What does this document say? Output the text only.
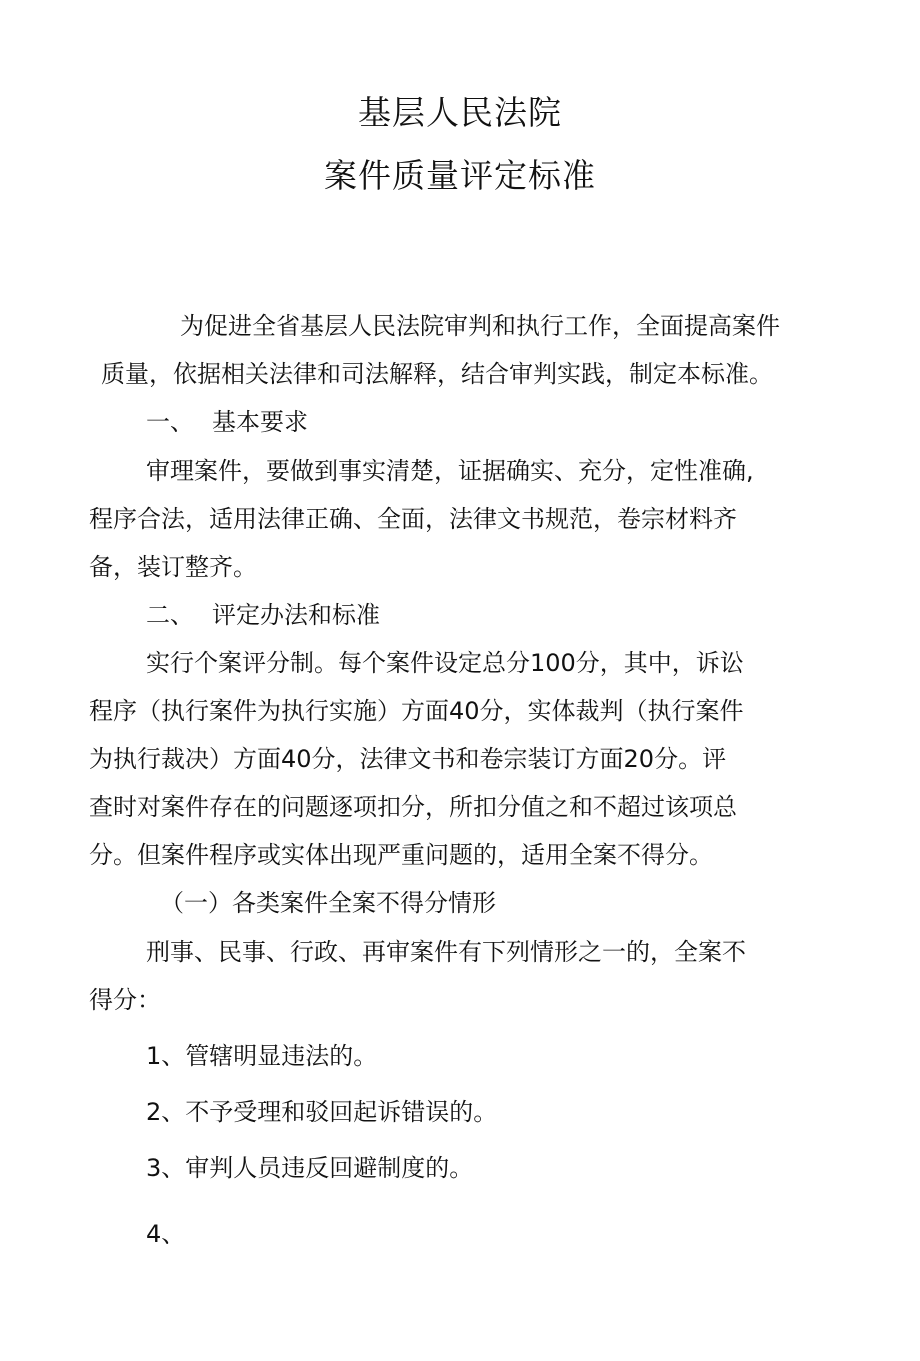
基层人民法院
案件质量评定标准
为促进全省基层人民法院审判和执行工作，全面提高案件
质量，依据相关法律和司法解释，结合审判实践，制定本标准。
一、 基本要求
审理案件，要做到事实清楚，证据确实、充分，定性准确,
程序合法，适用法律正确、全面，法律文书规范，卷宗材料齐
备，装订整齐。
二、 评定办法和标准
实行个案评分制。每个案件设定总分100分，其中，诉讼
程序（执行案件为执行实施）方面40分，实体裁判（执行案件
为执行裁决）方面40分，法律文书和卷宗装订方面20分。评
查时对案件存在的问题逐项扣分，所扣分值之和不超过该项总
分。但案件程序或实体出现严重问题的，适用全案不得分。
（一）各类案件全案不得分情形
刑事、民事、行政、再审案件有下列情形之一的，全案不
得分：
1、管辖明显违法的。
2、不予受理和驳回起诉错误的。
3、审判人员违反回避制度的。
4、
